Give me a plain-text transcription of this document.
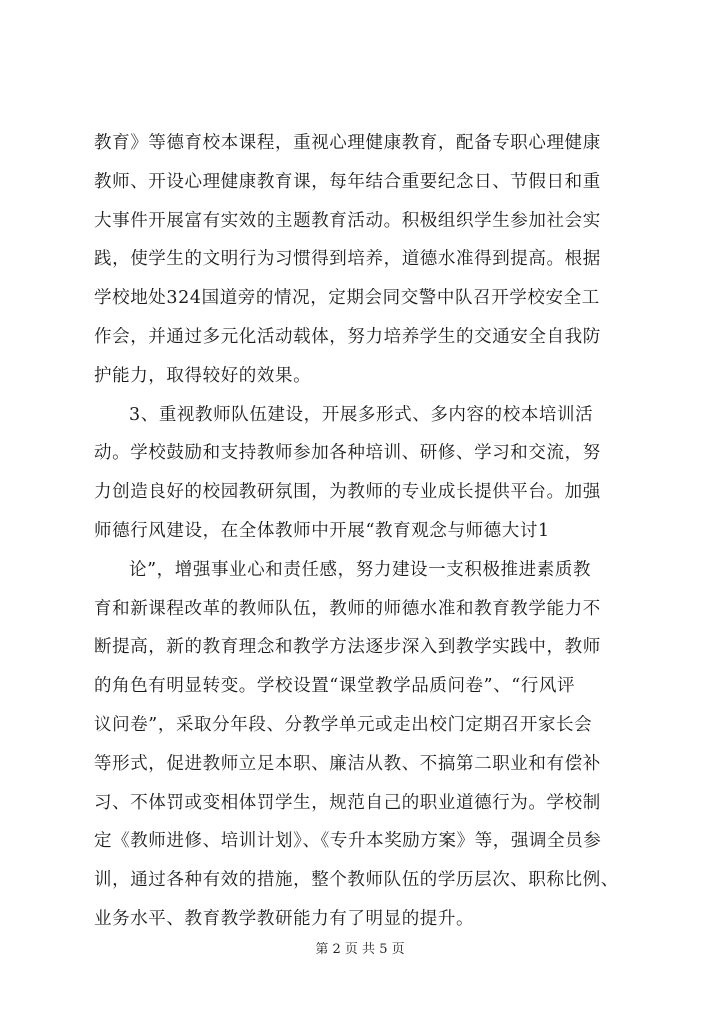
教育》等德育校本课程，重视心理健康教育，配备专职心理健康
教师、开设心理健康教育课，每年结合重要纪念日、节假日和重
大事件开展富有实效的主题教育活动。积极组织学生参加社会实
践，使学生的文明行为习惯得到培养，道德水准得到提高。根据
学校地处324国道旁的情况，定期会同交警中队召开学校安全工
作会，并通过多元化活动载体，努力培养学生的交通安全自我防
护能力，取得较好的效果。
3、重视教师队伍建设，开展多形式、多内容的校本培训活
动。学校鼓励和支持教师参加各种培训、研修、学习和交流，努
力创造良好的校园教研氛围，为教师的专业成长提供平台。加强
师德行风建设，在全体教师中开展“教育观念与师德大讨1
论”，增强事业心和责任感，努力建设一支积极推进素质教
育和新课程改革的教师队伍，教师的师德水准和教育教学能力不
断提高，新的教育理念和教学方法逐步深入到教学实践中，教师
的角色有明显转变。学校设置“课堂教学品质问卷”、“行风评
议问卷”，采取分年段、分教学单元或走出校门定期召开家长会
等形式，促进教师立足本职、廉洁从教、不搞第二职业和有偿补
习、不体罚或变相体罚学生，规范自己的职业道德行为。学校制
定《教师进修、培训计划》、《专升本奖励方案》等，强调全员参
训，通过各种有效的措施，整个教师队伍的学历层次、职称比例、
业务水平、教育教学教研能力有了明显的提升。
第 2 页 共 5 页
